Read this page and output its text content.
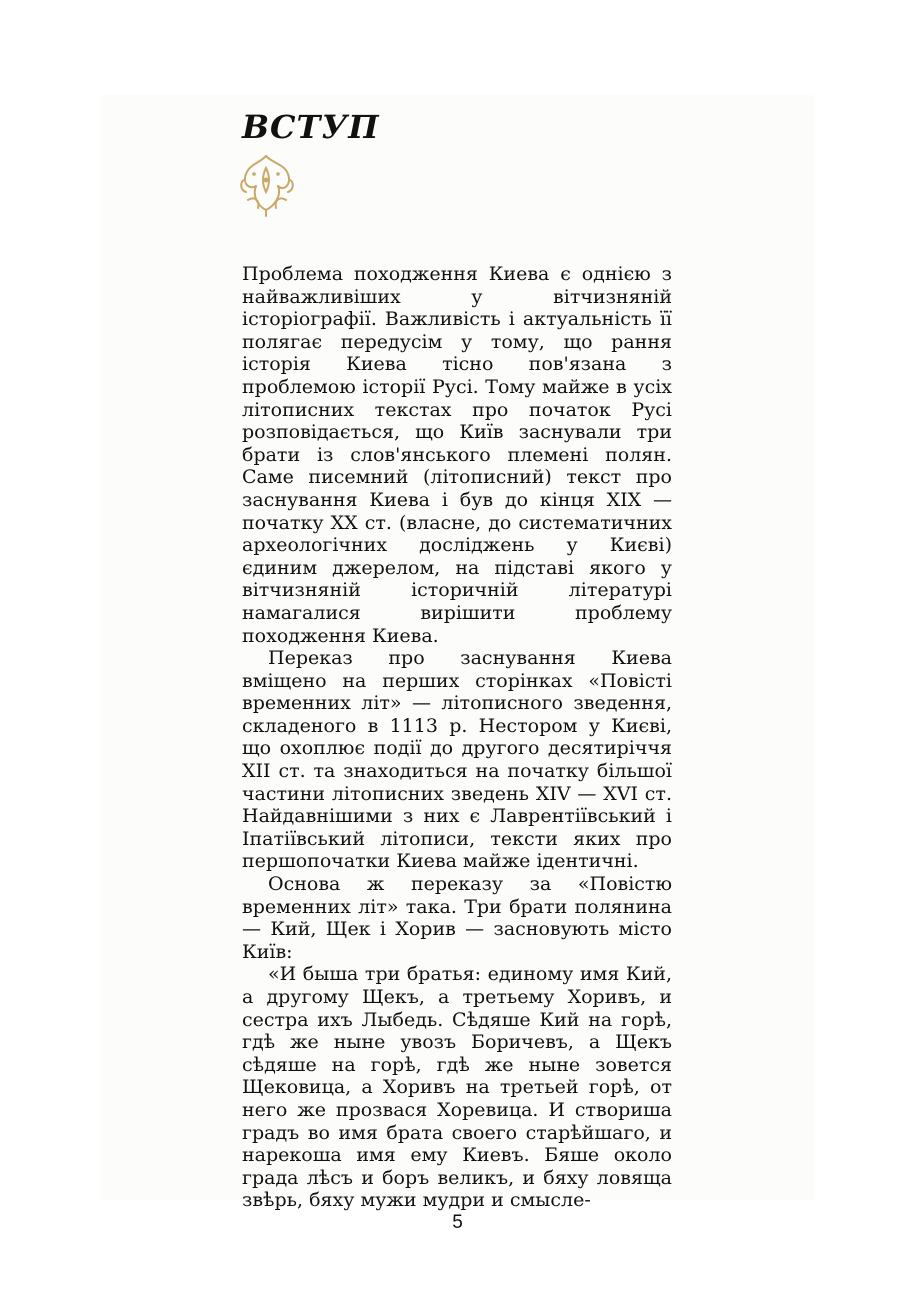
ВСТУП

Проблема походження Киева є однією з найважливіших у вітчизняній історіографії. Важливість і актуальність її полягає передусім у тому, що рання історія Киева тісно пов'язана з проблемою історії Русі. Тому майже в усіх літописних текстах про початок Русі розповідається, що Київ заснували три брати із слов'янського племені полян. Саме писемний (літописний) текст про заснування Киева і був до кінця XIX — початку XX ст. (власне, до систематичних археологічних досліджень у Києві) єдиним джерелом, на підставі якого у вітчизняній історичній літературі намагалися вирішити проблему походження Киева.

Переказ про заснування Киева вміщено на перших сторінках «Повісті временних літ» — літописного зведення, складеного в 1113 р. Нестором у Києві, що охоплює події до другого десятиріччя XII ст. та знаходиться на початку більшої частини літописних зведень XIV — XVI ст. Найдавнішими з них є Лаврентіївський і Іпатіївський літописи, тексти яких про першопочатки Киева майже ідентичні.

Основа ж переказу за «Повістю временних літ» така. Три брати полянина — Кий, Щек і Хорив — засновують місто Київ:

«И быша три братья: единому имя Кий, а другому Щекъ, а третьему Хоривъ, и сестра ихъ Лыбедь. Сѣдяше Кий на горѣ, гдѣ же ныне увозъ Боричевъ, а Щекъ сѣдяше на горѣ, гдѣ же ныне зовется Щековица, а Хоривъ на третьей горѣ, от него же прозвася Хоревица. И створиша градъ во имя брата своего старѣйшаго, и нарекоша имя ему Киевъ. Бяше около града лѣсъ и боръ великъ, и бяху ловяща звѣрь, бяху мужи мудри и смысле-

5
